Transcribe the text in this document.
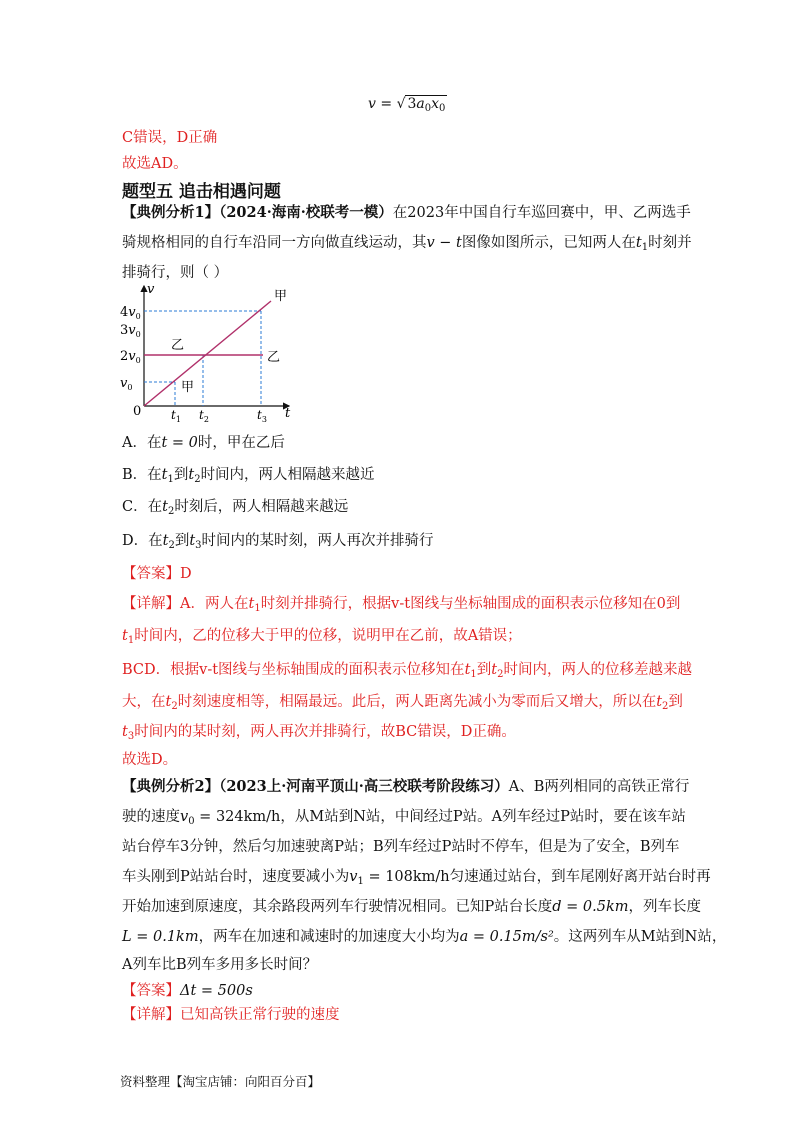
v = √ $3a_0x_0$
C错误，D正确
故选AD。
题型五 追击相遇问题
【典例分析1】（2024·海南·校联考一模）在2023年中国自行车巡回赛中，甲、乙两选手
骑规格相同的自行车沿同一方向做直线运动，其v − t图像如图所示，已知两人在$t_1$时刻并
排骑行，则（ ）
$4v_0$
$3v_0$
$2v_0$
$v_0$
$t_1$ $t_2$	$t_3$
v
t
0
甲
乙
乙
甲
A．在t = 0时，甲在乙后
B．在$t_1$到$t_2$时间内，两人相隔越来越近
C．在$t_2$时刻后，两人相隔越来越远
D．在$t_2$到$t_3$时间内的某时刻，两人再次并排骑行
【答案】D
【详解】A．两人在$t_1$时刻并排骑行，根据v-t图线与坐标轴围成的面积表示位移知在0到
$t_1$时间内，乙的位移大于甲的位移，说明甲在乙前，故A错误；
BCD．根据v-t图线与坐标轴围成的面积表示位移知在$t_1$到$t_2$时间内，两人的位移差越来越
大，在$t_2$时刻速度相等，相隔最远。此后，两人距离先减小为零而后又增大，所以在$t_2$到
$t_3$时间内的某时刻，两人再次并排骑行，故BC错误，D正确。
故选D。
【典例分析2】（2023上·河南平顶山·高三校联考阶段练习）A、B两列相同的高铁正常行
驶的速度$v_0 = 324km/h$，从M站到N站，中间经过P站。A列车经过P站时，要在该车站
站台停车3分钟，然后匀加速驶离P站；B列车经过P站时不停车，但是为了安全，B列车
车头刚到P站站台时，速度要减小为$v_1 = 108km/h$匀速通过站台，到车尾刚好离开站台时再
开始加速到原速度，其余路段两列车行驶情况相同。已知P站台长度d = 0.5km，列车长度
L = 0.1km，两车在加速和减速时的加速度大小均为a = 0.15m/s²。这两列车从M站到N站，
A列车比B列车多用多长时间？
【答案】Δt = 500s
【详解】已知高铁正常行驶的速度
资料整理【淘宝店铺：向阳百分百】
